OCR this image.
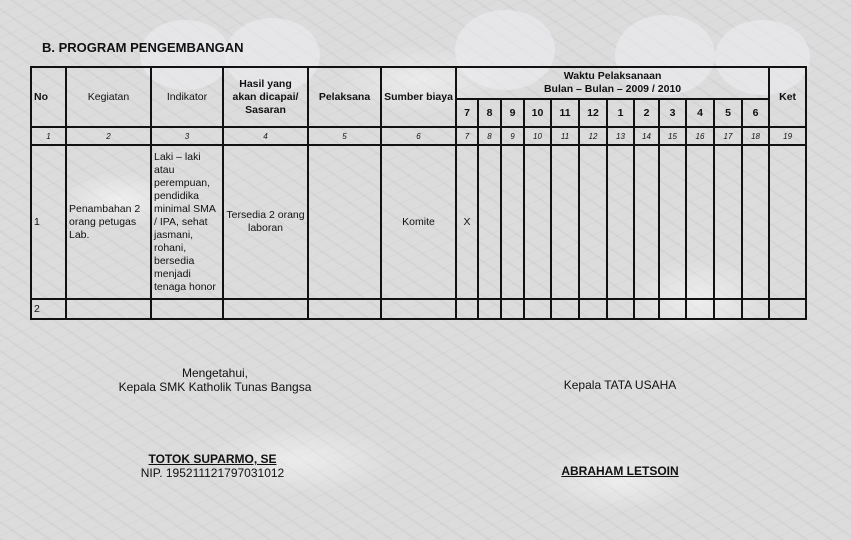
B. PROGRAM PENGEMBANGAN
No	Kegiatan	Indikator	Hasil yang akan dicapai/ Sasaran	Pelaksana	Sumber biaya	Waktu Pelaksanaan
Bulan – Bulan – 2009 / 2010												Ket
						7	8	9	10	11	12	1	2	3	4	5	6	
1	2	3	4	5	6	7	8	9	10	11	12	13	14	15	16	17	18	19
1	Penambahan 2 orang petugas Lab.	Laki – laki atau perempuan, pendidika minimal SMA / IPA, sehat jasmani, rohani, bersedia menjadi tenaga honor	Tersedia 2 orang laboran		Komite	X												
2																		
Mengetahui,
Kepala SMK Katholik Tunas Bangsa
TOTOK SUPARMO, SE
NIP. 195211121797031012
Kepala TATA USAHA
ABRAHAM LETSOIN
